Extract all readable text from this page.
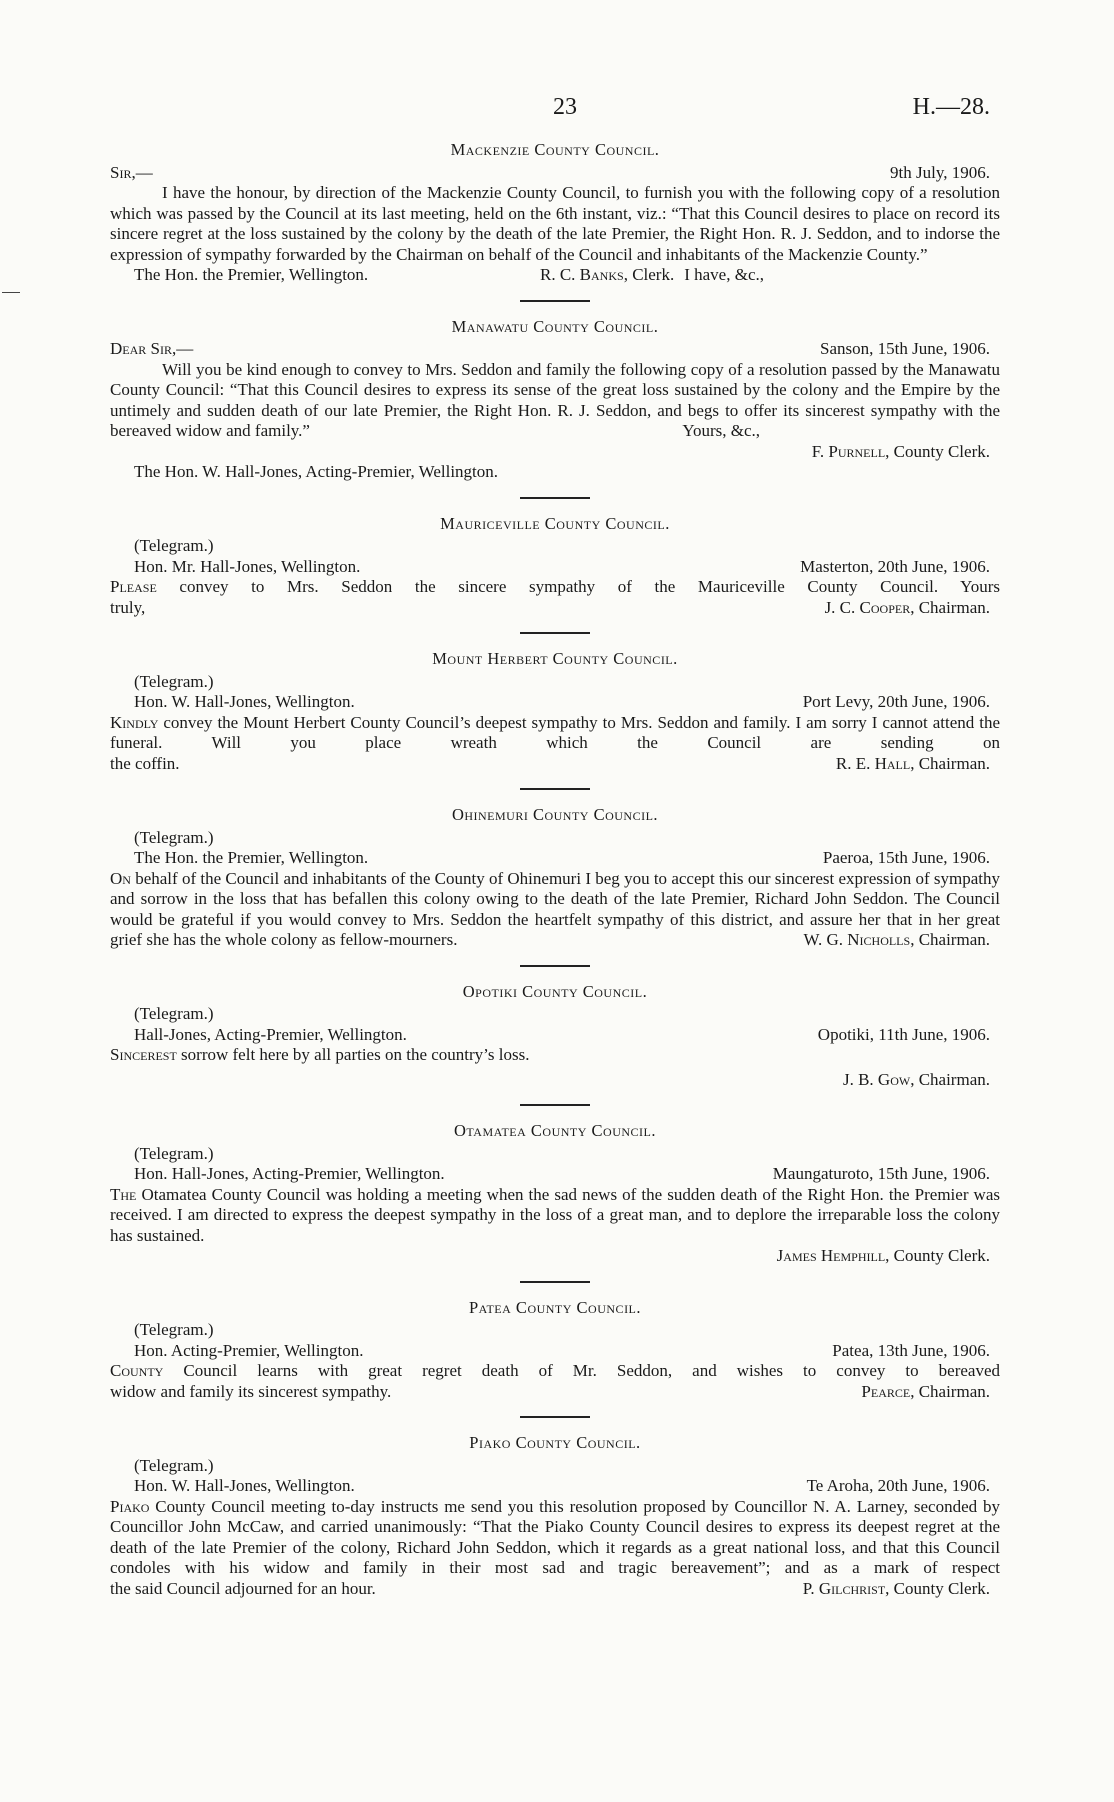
23	H.—28.
Mackenzie County Council.
Sir,—	9th July, 1906.

I have the honour, by direction of the Mackenzie County Council, to furnish you with the following copy of a resolution which was passed by the Council at its last meeting, held on the 6th instant, viz.: “That this Council desires to place on record its sincere regret at the loss sustained by the colony by the death of the late Premier, the Right Hon. R. J. Seddon, and to indorse the expression of sympathy forwarded by the Chairman on behalf of the Council and inhabitants of the Mackenzie County.”
I have, &c.,

The Hon. the Premier, Wellington.	R. C. Banks, Clerk.
Manawatu County Council.
Dear Sir,—	Sanson, 15th June, 1906.

Will you be kind enough to convey to Mrs. Seddon and family the following copy of a resolution passed by the Manawatu County Council: “That this Council desires to express its sense of the great loss sustained by the colony and the Empire by the untimely and sudden death of our late Premier, the Right Hon. R. J. Seddon, and begs to offer its sincerest sympathy with the bereaved widow and family.”	Yours, &c.,

F. Purnell, County Clerk.
The Hon. W. Hall-Jones, Acting-Premier, Wellington.
Mauriceville County Council.
(Telegram.)
Hon. Mr. Hall-Jones, Wellington.	Masterton, 20th June, 1906.

Please convey to Mrs. Seddon the sincere sympathy of the Mauriceville County Council. Yours

truly,	J. C. Cooper, Chairman.
Mount Herbert County Council.
(Telegram.)
Hon. W. Hall-Jones, Wellington.	Port Levy, 20th June, 1906.

Kindly convey the Mount Herbert County Council’s deepest sympathy to Mrs. Seddon and family. I am sorry I cannot attend the funeral. Will you place wreath which the Council are sending on

the coffin.	R. E. Hall, Chairman.
Ohinemuri County Council.
(Telegram.)
The Hon. the Premier, Wellington.	Paeroa, 15th June, 1906.

On behalf of the Council and inhabitants of the County of Ohinemuri I beg you to accept this our sincerest expression of sympathy and sorrow in the loss that has befallen this colony owing to the death of the late Premier, Richard John Seddon. The Council would be grateful if you would convey to Mrs. Seddon the heartfelt sympathy of this district, and assure her that in her great

grief she has the whole colony as fellow-mourners.	W. G. Nicholls, Chairman.
Opotiki County Council.
(Telegram.)
Hall-Jones, Acting-Premier, Wellington.	Opotiki, 11th June, 1906.

Sincerest sorrow felt here by all parties on the country’s loss.

J. B. Gow, Chairman.
Otamatea County Council.
(Telegram.)
Hon. Hall-Jones, Acting-Premier, Wellington.	Maungaturoto, 15th June, 1906.

The Otamatea County Council was holding a meeting when the sad news of the sudden death of the Right Hon. the Premier was received. I am directed to express the deepest sympathy in the loss of a great man, and to deplore the irreparable loss the colony has sustained.

James Hemphill, County Clerk.
Patea County Council.
(Telegram.)
Hon. Acting-Premier, Wellington.	Patea, 13th June, 1906.

County Council learns with great regret death of Mr. Seddon, and wishes to convey to bereaved

widow and family its sincerest sympathy.	Pearce, Chairman.
Piako County Council.
(Telegram.)
Hon. W. Hall-Jones, Wellington.	Te Aroha, 20th June, 1906.

Piako County Council meeting to-day instructs me send you this resolution proposed by Councillor N. A. Larney, seconded by Councillor John McCaw, and carried unanimously: “That the Piako County Council desires to express its deepest regret at the death of the late Premier of the colony, Richard John Seddon, which it regards as a great national loss, and that this Council condoles with his widow and family in their most sad and tragic bereavement”; and as a mark of respect

the said Council adjourned for an hour.	P. Gilchrist, County Clerk.
